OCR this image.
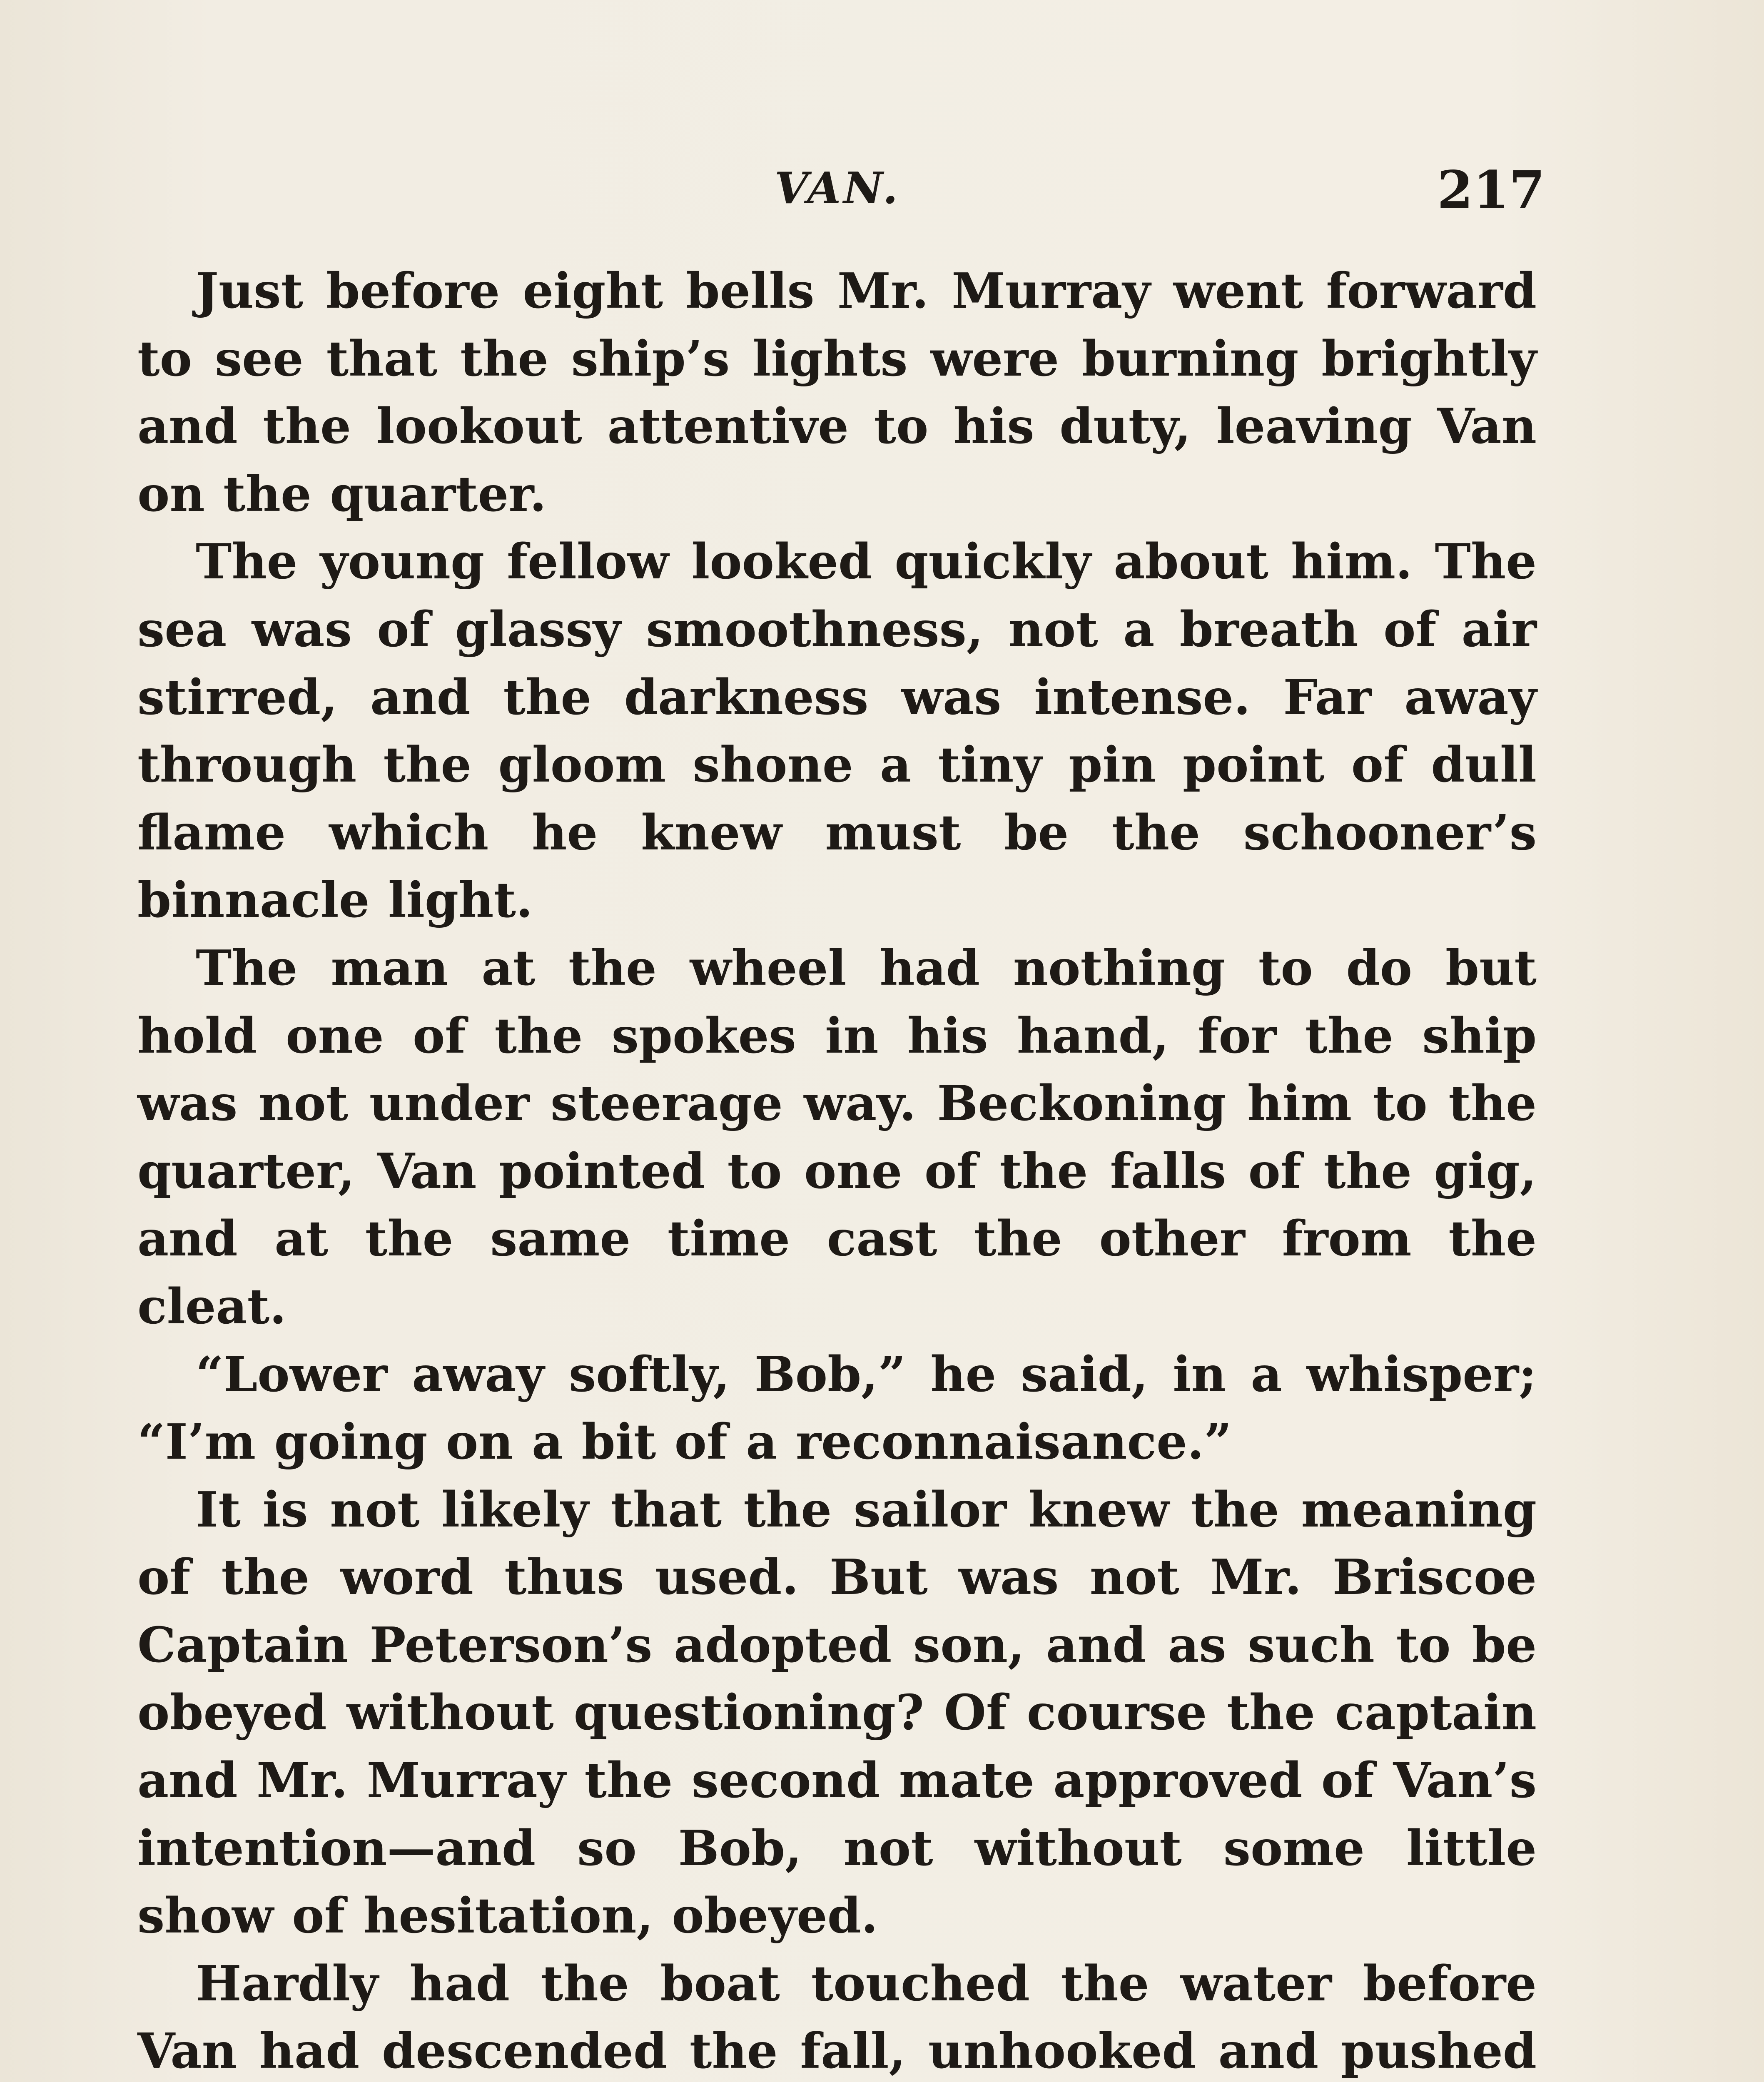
VAN.	217

Just before eight bells Mr. Murray went forward to see that the ship’s lights were burning brightly and the lookout attentive to his duty, leaving Van on the quarter.

The young fellow looked quickly about him. The sea was of glassy smoothness, not a breath of air stirred, and the darkness was intense. Far away through the gloom shone a tiny pin point of dull flame which he knew must be the schooner’s binnacle light.

The man at the wheel had nothing to do but hold one of the spokes in his hand, for the ship was not under steerage way. Beckoning him to the quarter, Van pointed to one of the falls of the gig, and at the same time cast the other from the cleat.

“Lower away softly, Bob,” he said, in a whisper; “I’m going on a bit of a reconnaisance.”

It is not likely that the sailor knew the meaning of the word thus used. But was not Mr. Briscoe Captain Peterson’s adopted son, and as such to be obeyed without questioning? Of course the captain and Mr. Murray the second mate approved of Van’s intention—and so Bob, not without some little show of hesitation, obeyed.

Hardly had the boat touched the water before Van had descended the fall, unhooked and pushed
